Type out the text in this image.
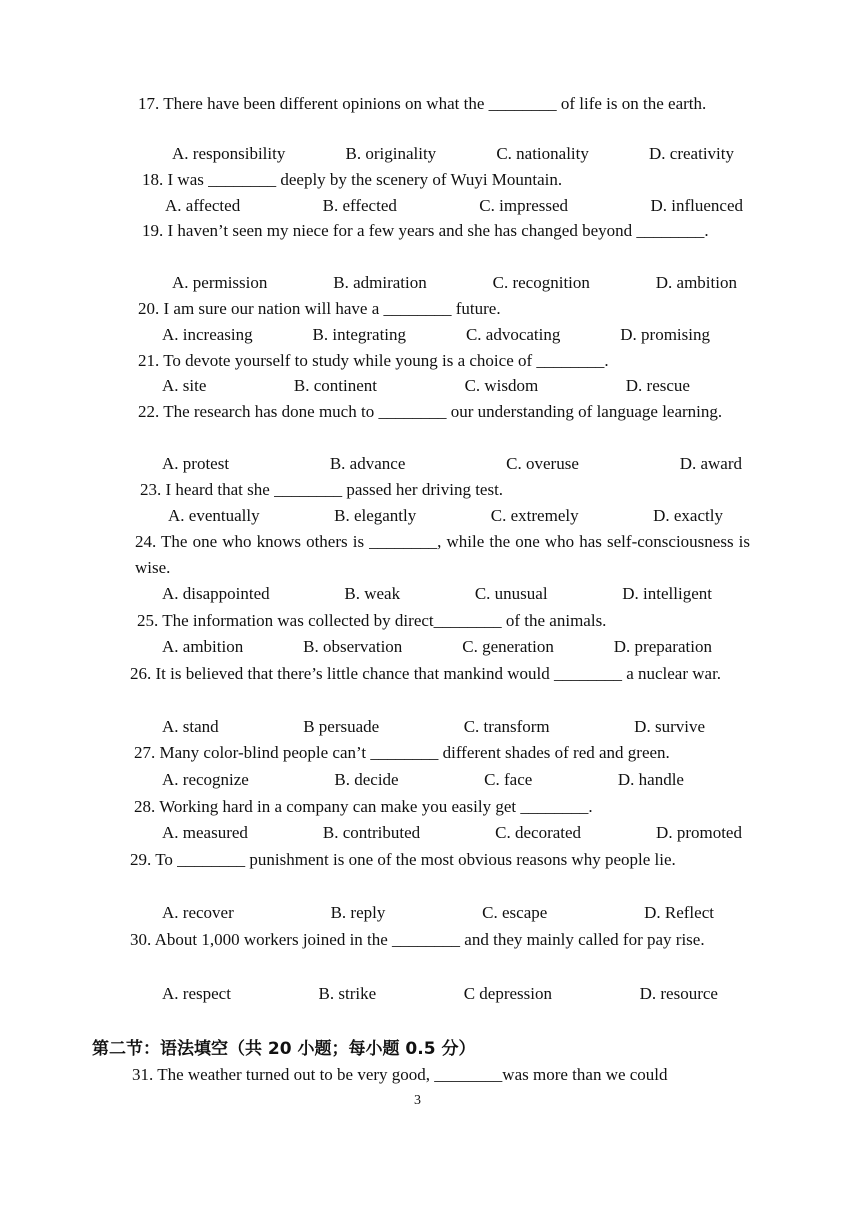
17. There have been different opinions on what the ________ of life is on the earth.
A. responsibility	B. originality	C. nationality	D. creativity
18. I was ________ deeply by the scenery of Wuyi Mountain.
A. affected	B. effected	C. impressed	D. influenced
19. I haven’t seen my niece for a few years and she has changed beyond ________.
A. permission	B. admiration	C. recognition	D. ambition
20. I am sure our nation will have a ________ future.
A. increasing	B. integrating	C. advocating	D. promising
21. To devote yourself to study while young is a choice of ________.
A. site	B. continent	C. wisdom	D. rescue
22. The research has done much to ________ our understanding of language learning.
A. protest	B. advance	C. overuse	D. award
23. I heard that she ________ passed her driving test.
A. eventually	B. elegantly	C. extremely	D. exactly
24. The one who knows others is ________, while the one who has self-consciousness is wise.
A. disappointed	B. weak	C. unusual	D. intelligent
25. The information was collected by direct________ of the animals.
A. ambition	B. observation	C. generation	D. preparation
26. It is believed that there’s little chance that mankind would ________ a nuclear war.
A. stand	B persuade	C. transform	D. survive
27. Many color-blind people can’t ________ different shades of red and green.
A. recognize	B. decide	C. face	D. handle
28. Working hard in a company can make you easily get ________.
A. measured	B. contributed	C. decorated	D. promoted
29. To ________ punishment is one of the most obvious reasons why people lie.
A. recover	B. reply	C. escape	D. Reflect
30. About 1,000 workers joined in the ________ and they mainly called for pay rise.
A. respect	B. strike	C depression	D. resource
第二节：语法填空（共 20 小题；每小题 0.5 分）
31. The weather turned out to be very good, ________was more than we could
3
